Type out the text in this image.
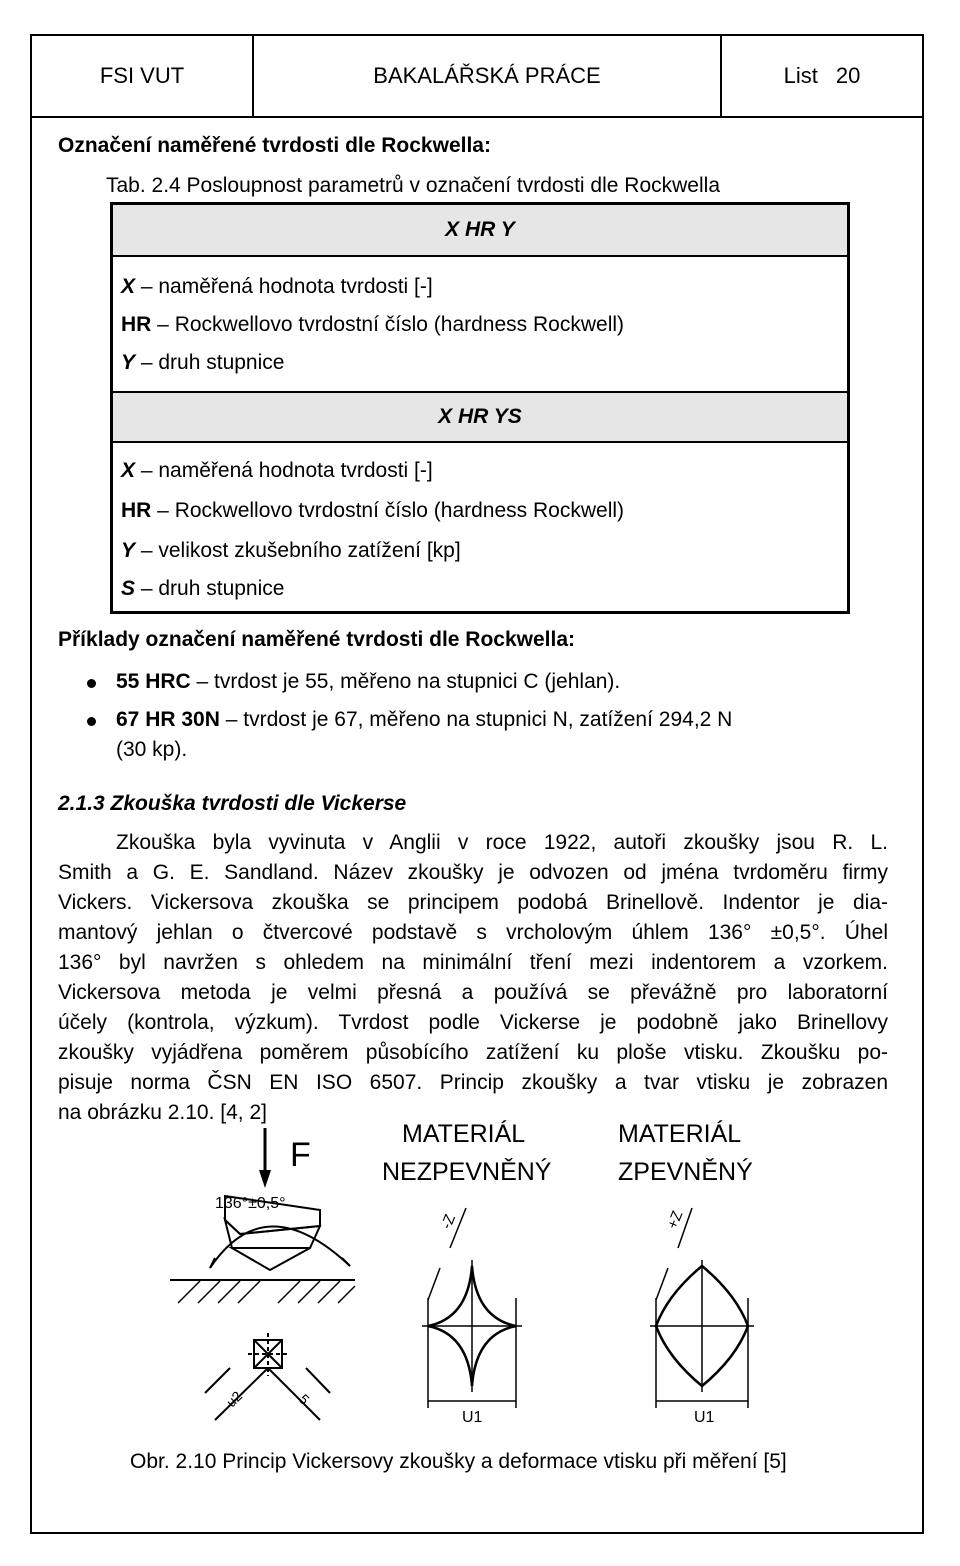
FSI VUT	BAKALÁŘSKÁ PRÁCE	List 20
Označení naměřené tvrdosti dle Rockwella:
Tab. 2.4 Posloupnost parametrů v označení tvrdosti dle Rockwella
X HR Y
X – naměřená hodnota tvrdosti [-]
HR – Rockwellovo tvrdostní číslo (hardness Rockwell)
Y – druh stupnice
X HR YS
X – naměřená hodnota tvrdosti [-]
HR – Rockwellovo tvrdostní číslo (hardness Rockwell)
Y – velikost zkušebního zatížení [kp]
S – druh stupnice
Příklady označení naměřené tvrdosti dle Rockwella:
55 HRC – tvrdost je 55, měřeno na stupnici C (jehlan).
67 HR 30N – tvrdost je 67, měřeno na stupnici N, zatížení 294,2 N
(30 kp).
2.1.3 Zkouška tvrdosti dle Vickerse
Zkouška byla vyvinuta v Anglii v roce 1922, autoři zkoušky jsou R. L.
Smith a G. E. Sandland. Název zkoušky je odvozen od jména tvrdoměru firmy
Vickers. Vickersova zkouška se principem podobá Brinellově. Indentor je dia-
mantový jehlan o čtvercové podstavě s vrcholovým úhlem 136° ±0,5°. Úhel
136° byl navržen s ohledem na minimální tření mezi indentorem a vzorkem.
Vickersova metoda je velmi přesná a používá se převážně pro laboratorní
účely (kontrola, výzkum). Tvrdost podle Vickerse je podobně jako Brinellovy
zkoušky vyjádřena poměrem působícího zatížení ku ploše vtisku. Zkoušku po-
pisuje norma ČSN EN ISO 6507. Princip zkoušky a tvar vtisku je zobrazen
na obrázku 2.10. [4, 2]
F
136°±0,5°
u2	5
MATERIÁL
NEZPEVNĚNÝ
-Z
U1
MATERIÁL
ZPEVNĚNÝ
+Z
U1
Obr. 2.10 Princip Vickersovy zkoušky a deformace vtisku při měření [5]
